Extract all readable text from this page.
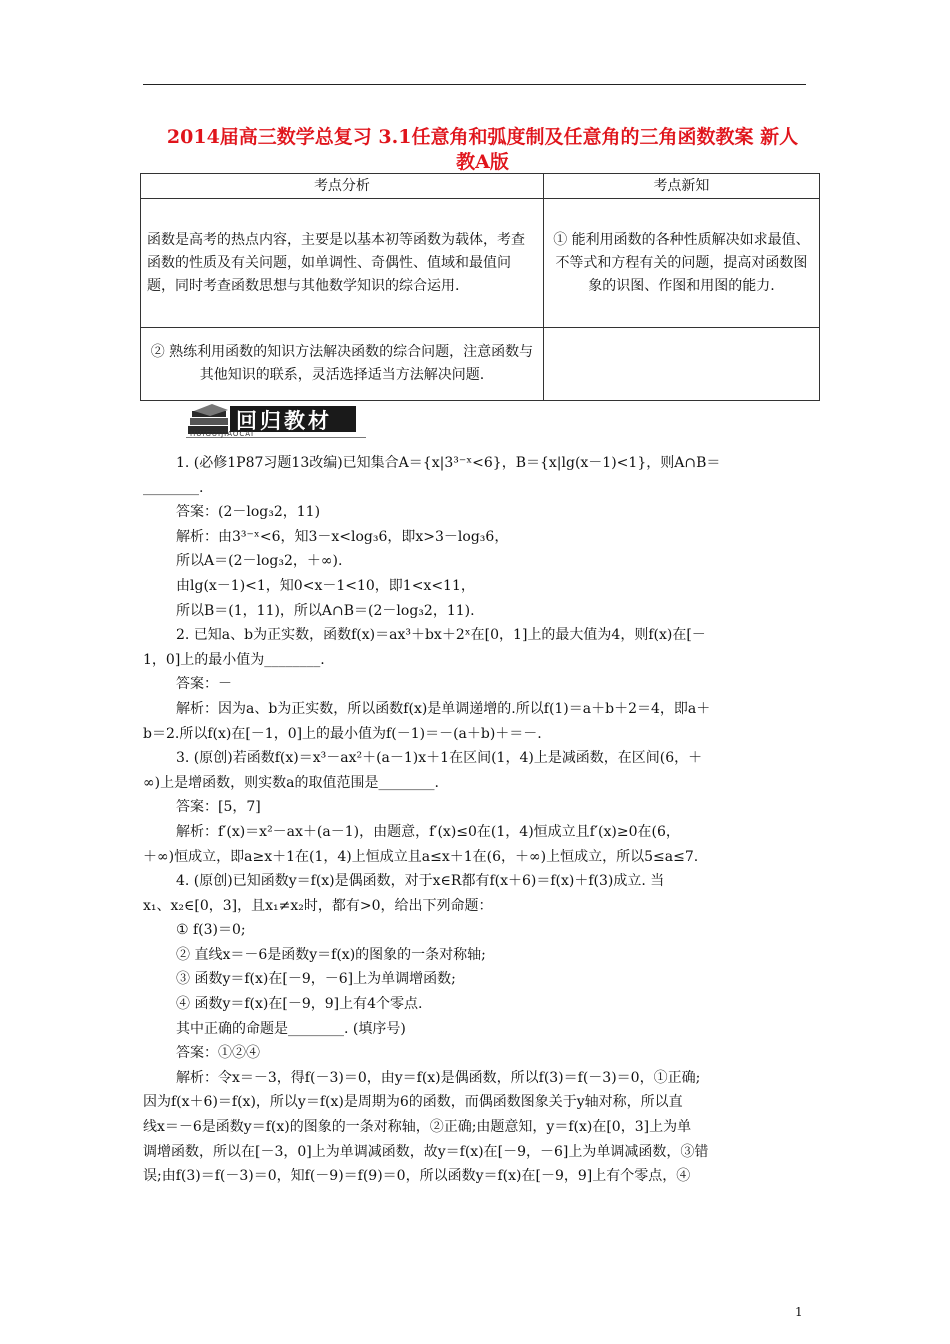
2014届高三数学总复习 3.1任意角和弧度制及任意角的三角函数教案 新人教A版
考点分析	考点新知
函数是高考的热点内容，主要是以基本初等函数为载体，考查函数的性质及有关问题，如单调性、奇偶性、值域和最值问题，同时考查函数思想与其他数学知识的综合运用.	① 能利用函数的各种性质解决如求最值、不等式和方程有关的问题，提高对函数图象的识图、作图和用图的能力.
② 熟练利用函数的知识方法解决函数的综合问题，注意函数与其他知识的联系，灵活选择适当方法解决问题.	
回归教材
HUIGUIJIAOCAI

1. (必修1P87习题13改编)已知集合A＝{x|3³⁻ˣ<6}，B＝{x|lg(x－1)<1}，则A∩B＝

________.

答案：(2－log₃2，11)

解析：由3³⁻ˣ<6，知3－x<log₃6，即x>3－log₃6，

所以A＝(2－log₃2，＋∞).

由lg(x－1)<1，知0<x－1<10，即1<x<11，

所以B＝(1，11)，所以A∩B＝(2－log₃2，11).

2. 已知a、b为正实数，函数f(x)＝ax³＋bx＋2ˣ在[0，1]上的最大值为4，则f(x)在[－

1，0]上的最小值为________.

答案：－

解析：因为a、b为正实数，所以函数f(x)是单调递增的.所以f(1)＝a＋b＋2＝4，即a＋

b＝2.所以f(x)在[－1，0]上的最小值为f(－1)＝－(a＋b)＋＝－.

3. (原创)若函数f(x)＝x³－ax²＋(a－1)x＋1在区间(1，4)上是减函数，在区间(6，＋

∞)上是增函数，则实数a的取值范围是________.

答案：[5，7]

解析：f′(x)＝x²－ax＋(a－1)，由题意，f′(x)≤0在(1，4)恒成立且f′(x)≥0在(6，

＋∞)恒成立，即a≥x＋1在(1，4)上恒成立且a≤x＋1在(6，＋∞)上恒成立，所以5≤a≤7.

4. (原创)已知函数y＝f(x)是偶函数，对于x∈R都有f(x＋6)＝f(x)＋f(3)成立. 当

x₁、x₂∈[0，3]，且x₁≠x₂时，都有>0，给出下列命题：

① f(3)＝0;

② 直线x＝－6是函数y＝f(x)的图象的一条对称轴;

③ 函数y＝f(x)在[－9，－6]上为单调增函数;

④ 函数y＝f(x)在[－9，9]上有4个零点.

其中正确的命题是________. (填序号)

答案：①②④

解析：令x＝－3，得f(－3)＝0，由y＝f(x)是偶函数，所以f(3)＝f(－3)＝0，①正确;

因为f(x＋6)＝f(x)，所以y＝f(x)是周期为6的函数，而偶函数图象关于y轴对称，所以直

线x＝－6是函数y＝f(x)的图象的一条对称轴，②正确;由题意知，y＝f(x)在[0，3]上为单

调增函数，所以在[－3，0]上为单调减函数，故y＝f(x)在[－9，－6]上为单调减函数，③错

误;由f(3)＝f(－3)＝0，知f(－9)＝f(9)＝0，所以函数y＝f(x)在[－9，9]上有个零点，④

1
